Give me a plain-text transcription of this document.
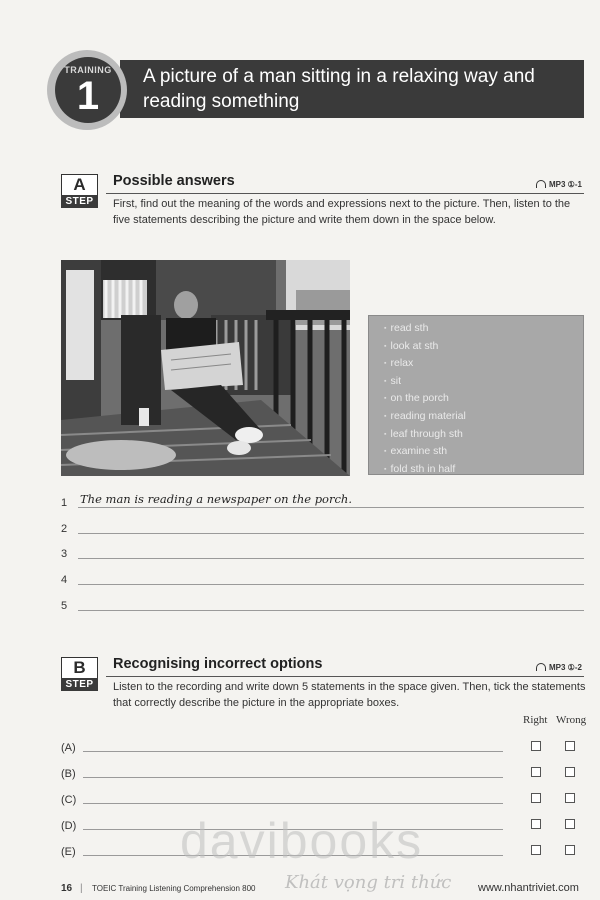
A picture of a man sitting in a relaxing way and reading something
TRAINING
1
A
STEP
Possible answers	MP3 ①-1
First, find out the meaning of the words and expressions next to the picture. Then, listen to the five statements describing the picture and write them down in the space below.
▪ read sth
▪ look at sth
▪ relax
▪ sit
▪ on the porch
▪ reading material
▪ leaf through sth
▪ examine sth
▪ fold sth in half
1 The man is reading a newspaper on the porch.
2
3
4
5
B
STEP
Recognising incorrect options	MP3 ①-2
Listen to the recording and write down 5 statements in the space given. Then, tick the statements that correctly describe the picture in the appropriate boxes.
Right Wrong
(A)
(B)
(C)
(D)
(E) davibooks
Khát vọng tri thức
16 | TOEIC Training Listening Comprehension 800	www.nhantriviet.com
